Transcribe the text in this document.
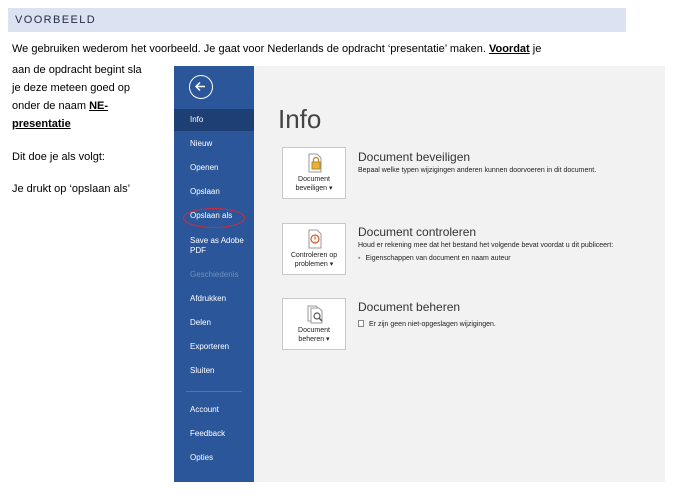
VOORBEELD
We gebruiken wederom het voorbeeld. Je gaat voor Nederlands de opdracht ‘presentatie’ maken. Voordat je
aan de opdracht begint sla
je deze meteen goed op
onder de naam NE-
presentatie
Dit doe je als volgt:
Je drukt op ‘opslaan als’
Info
Nieuw
Openen
Opslaan
Opslaan als
Save as Adobe PDF
Geschiedenis
Afdrukken
Delen
Exporteren
Sluiten
Account
Feedback
Opties
Info
Document
beveiligen ▾
Document beveiligen
Bepaal welke typen wijzigingen anderen kunnen doorvoeren in dit document.
Controleren op
problemen ▾
Document controleren
Houd er rekening mee dat het bestand het volgende bevat voordat u dit publiceert:
▪ Eigenschappen van document en naam auteur
Document
beheren ▾
Document beheren
Er zijn geen niet-opgeslagen wijzigingen.
